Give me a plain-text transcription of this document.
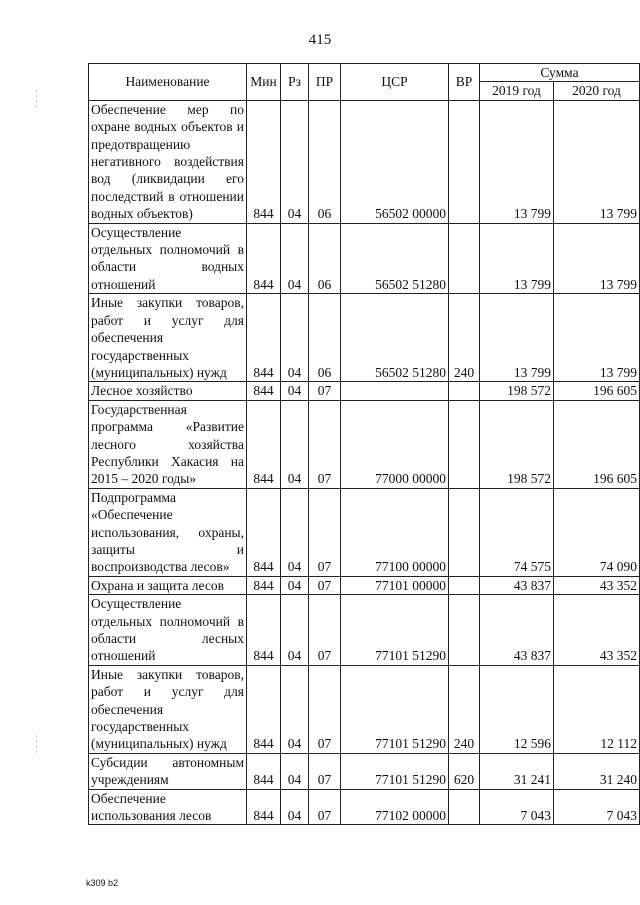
415
Наименование	Мин	Рз	ПР	ЦСР	ВР	Сумма	
						2019 год	2020 год
Обеспечение мер по охране водных объектов и предотвращению негативного воздействия вод (ликвидации его последствий в отношении водных объектов)	844	04	06	56502 00000		13 799	13 799
Осуществление отдельных полномочий в области водных отношений	844	04	06	56502 51280		13 799	13 799
Иные закупки товаров, работ и услуг для обеспечения государственных (муниципальных) нужд	844	04	06	56502 51280	240	13 799	13 799
Лесное хозяйство	844	04	07			198 572	196 605
Государственная программа «Развитие лесного хозяйства Республики Хакасия на 2015 – 2020 годы»	844	04	07	77000 00000		198 572	196 605
Подпрограмма «Обеспечение использования, охраны, защиты и воспроизводства лесов»	844	04	07	77100 00000		74 575	74 090
Охрана и защита лесов	844	04	07	77101 00000		43 837	43 352
Осуществление отдельных полномочий в области лесных отношений	844	04	07	77101 51290		43 837	43 352
Иные закупки товаров, работ и услуг для обеспечения государственных (муниципальных) нужд	844	04	07	77101 51290	240	12 596	12 112
Субсидии автономным учреждениям	844	04	07	77101 51290	620	31 241	31 240
Обеспечение использования лесов	844	04	07	77102 00000		7 043	7 043
k309 b2
